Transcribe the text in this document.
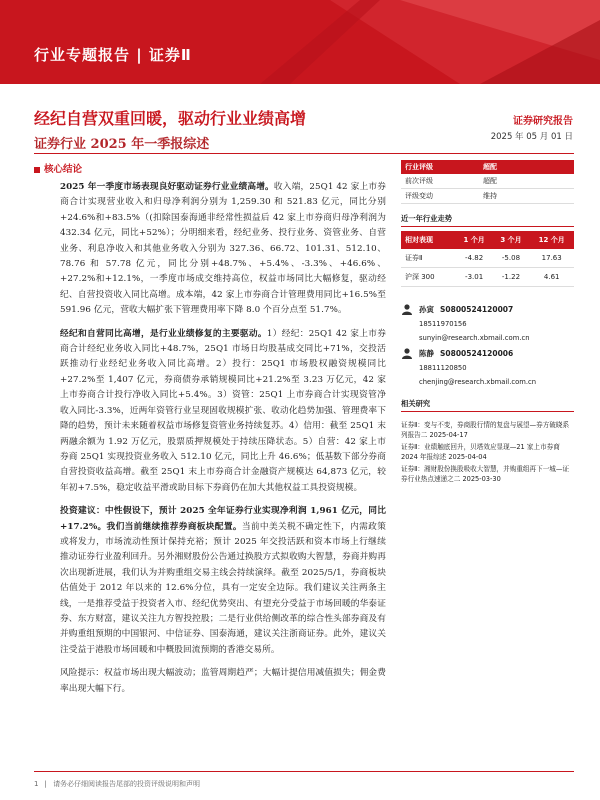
行业专题报告 | 证券Ⅱ
经纪自营双重回暖，驱动行业业绩高增
证券行业 2025 年一季报综述
证券研究报告
2025 年 05 月 01 日
核心结论

2025 年一季度市场表现良好驱动证券行业业绩高增。收入端，25Q1 42 家上市券商合计实现营业收入和归母净利润分别为 1,259.30 和 521.83 亿元，同比分别+24.6%和+83.5%（(扣除国泰海通非经常性损益后 42 家上市券商归母净利润为 432.34 亿元，同比+52%）；分明细来看，经纪业务、投行业务、资管业务、自营业务、利息净收入和其他业务收入分别为 327.36、66.72、101.31、512.10、78.76 和 57.78 亿元，同比分别+48.7%、+5.4%、-3.3%、+46.6%、+27.2%和+12.1%，一季度市场成交维持高位，权益市场同比大幅修复，驱动经纪、自营投资收入同比高增。成本端，42 家上市券商合计管理费用同比+16.5%至 591.96 亿元，营收大幅扩张下管理费用率下降 8.0 个百分点至 51.7%。

经纪和自营同比高增，是行业业绩修复的主要驱动。1）经纪：25Q1 42 家上市券商合计经纪业务收入同比+48.7%，25Q1 市场日均股基成交同比+71%，交投活跃推动行业经纪业务收入同比高增。2）投行：25Q1 市场股权融资规模同比+27.2%至 1,407 亿元，券商债券承销规模同比+21.2%至 3.23 万亿元，42 家上市券商合计投行净收入同比+5.4%。3）资管：25Q1 上市券商合计实现资管净收入同比-3.3%，近两年资管行业呈现固收规模扩张、收动化趋势加强、管理费率下降的趋势，预计未来随着权益市场修复资管业务持续复苏。4）信用：截至 25Q1 末两融余额为 1.92 万亿元，股票质押规模处于持续压降状态。5）自营：42 家上市券商 25Q1 实现投资业务收入 512.10 亿元，同比上升 46.6%；低基数下部分券商自营投资收益高增。截至 25Q1 末上市券商合计金融资产规模达 64,873 亿元，较年初+7.5%，稳定收益平滑或助目标下券商仍在加大其他权益工具投资规模。

投资建议：中性假设下，预计 2025 全年证券行业实现净利润 1,961 亿元，同比+17.2%。我们当前继续推荐券商板块配置。当前中美关税不确定性下，内需政策或将发力，市场流动性预计保持充裕；预计 2025 年交投活跃和资本市场上行继续推动证券行业盈利回升。另外湘财股份公告通过换股方式拟收购大智慧，券商并购再次出现新进展，我们认为并购重组交易主线会持续演绎。截至 2025/5/1，券商板块估值处于 2012 年以来的 12.6%分位，具有一定安全边际。我们建议关注两条主线，一是推荐受益于投资者入市、经纪优势突出、有望充分受益于市场回暖的华泰证券、东方财富，建议关注九方智投控股；二是行业供给侧改革的综合性头部券商及有并购重组预期的中国银河、中信证券、国泰海通，建议关注浙商证券。此外，建议关注受益于港股市场回暖和中概股回流预期的香港交易所。

风险提示：权益市场出现大幅波动；监管周期趋严；大幅计提信用减值损失；佣金费率出现大幅下行。

行业评级	超配
前次评级	超配
评级变动	维持
近一年行业走势
相对表现	1 个月	3 个月	12 个月
证券Ⅱ	-4.82	-5.08	17.63
沪深 300	-3.01	-1.22	4.61
孙寅 S0800524120007
18511970156
sunyin@research.xbmail.com.cn
陈静 S0800524120006
18811120850
chenjing@research.xbmail.com.cn
相关研究
证券Ⅱ：变与不变，券商股行情的复盘与展望—券方破晓系列报告二 2025-04-17
证券Ⅱ：业绩触底回升，贝塔效应显现—21 家上市券商 2024 年报综述 2025-04-04
证券Ⅱ：湘财股份换股吸收大智慧，并购重组再下一城—证券行业热点速递之二 2025-03-30
1 | 请务必仔细阅读报告尾部的投资评级说明和声明
